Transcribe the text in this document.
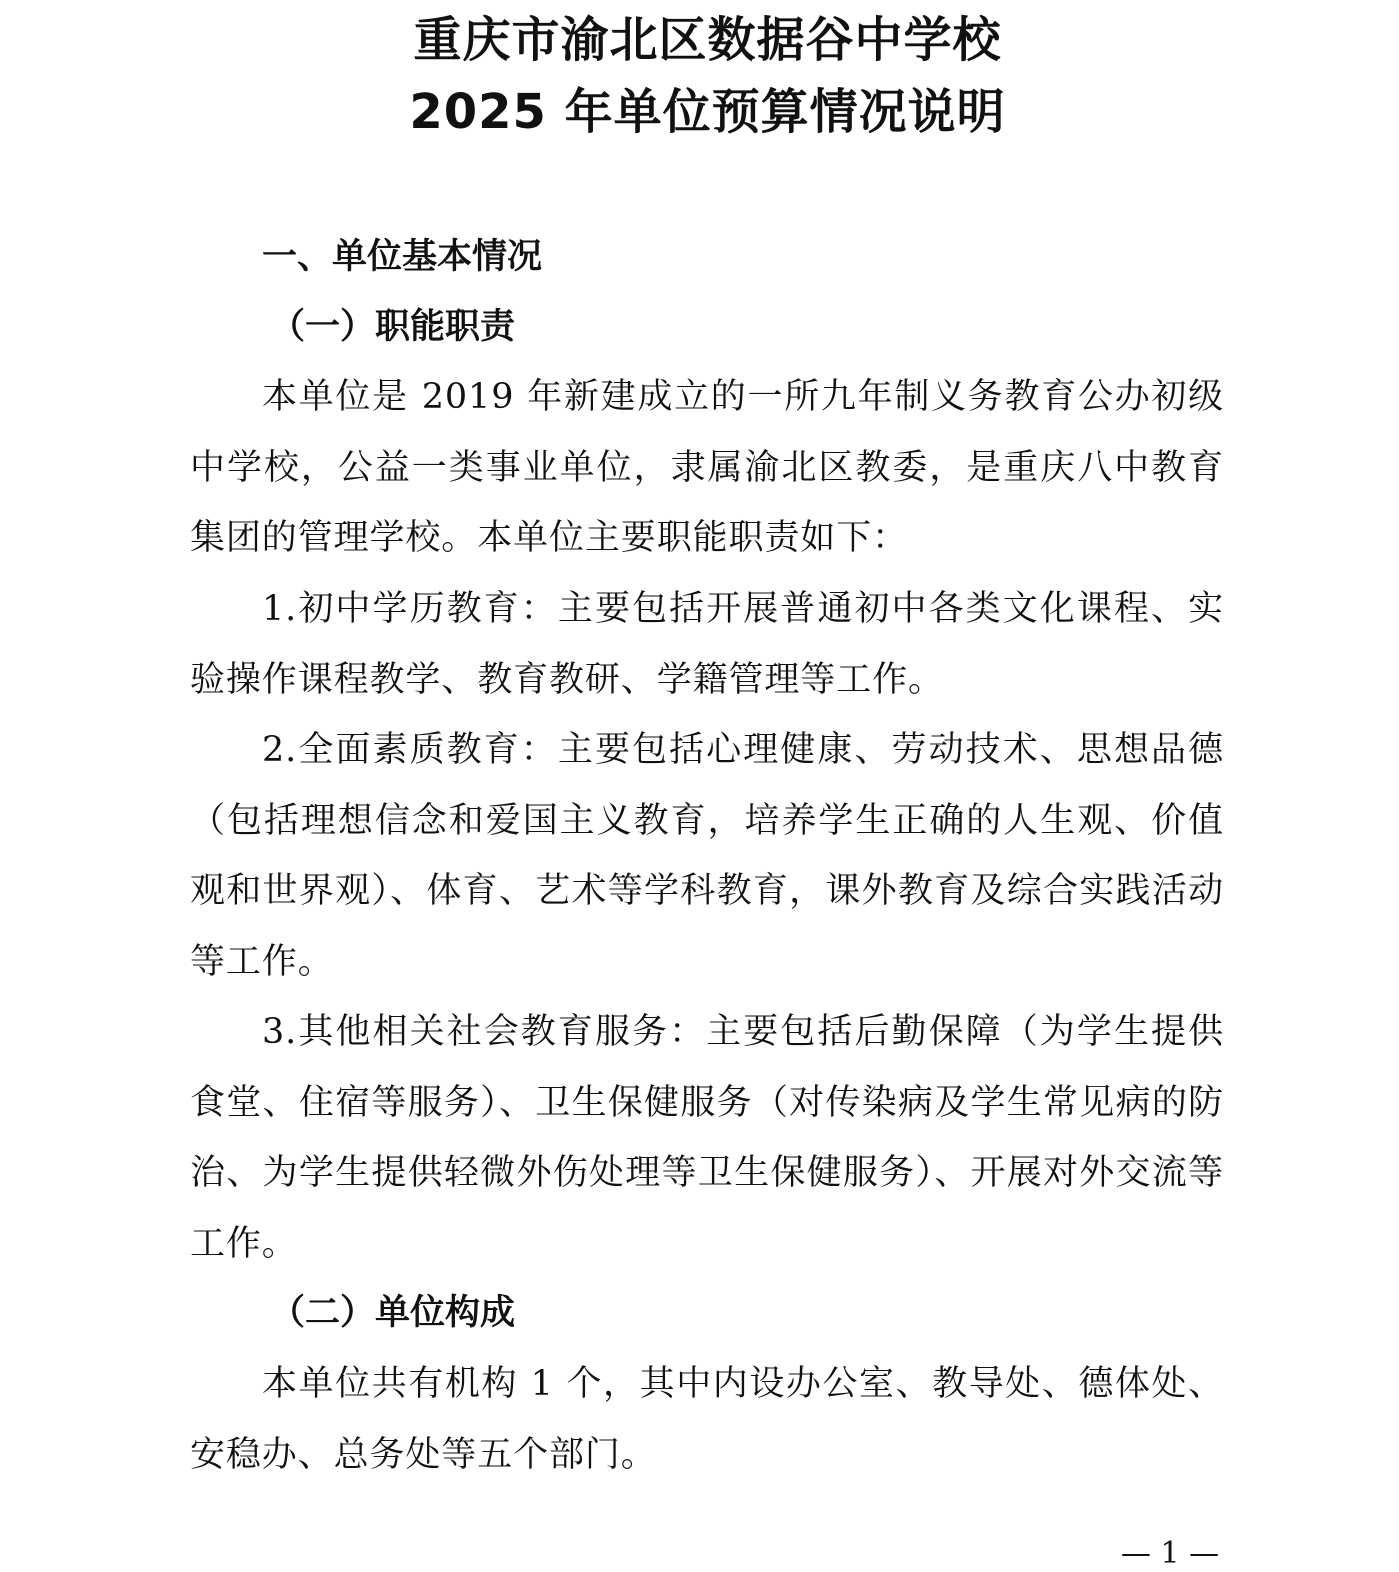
重庆市渝北区数据谷中学校
2025 年单位预算情况说明
一、单位基本情况
（一）职能职责

本单位是 2019 年新建成立的一所九年制义务教育公办初级中学校，公益一类事业单位，隶属渝北区教委，是重庆八中教育集团的管理学校。本单位主要职能职责如下：

1.初中学历教育：主要包括开展普通初中各类文化课程、实验操作课程教学、教育教研、学籍管理等工作。

2.全面素质教育：主要包括心理健康、劳动技术、思想品德（包括理想信念和爱国主义教育，培养学生正确的人生观、价值观和世界观）、体育、艺术等学科教育，课外教育及综合实践活动等工作。

3.其他相关社会教育服务：主要包括后勤保障（为学生提供食堂、住宿等服务）、卫生保健服务（对传染病及学生常见病的防治、为学生提供轻微外伤处理等卫生保健服务）、开展对外交流等工作。

（二）单位构成

本单位共有机构 1 个，其中内设办公室、教导处、德体处、安稳办、总务处等五个部门。

— 1 —
